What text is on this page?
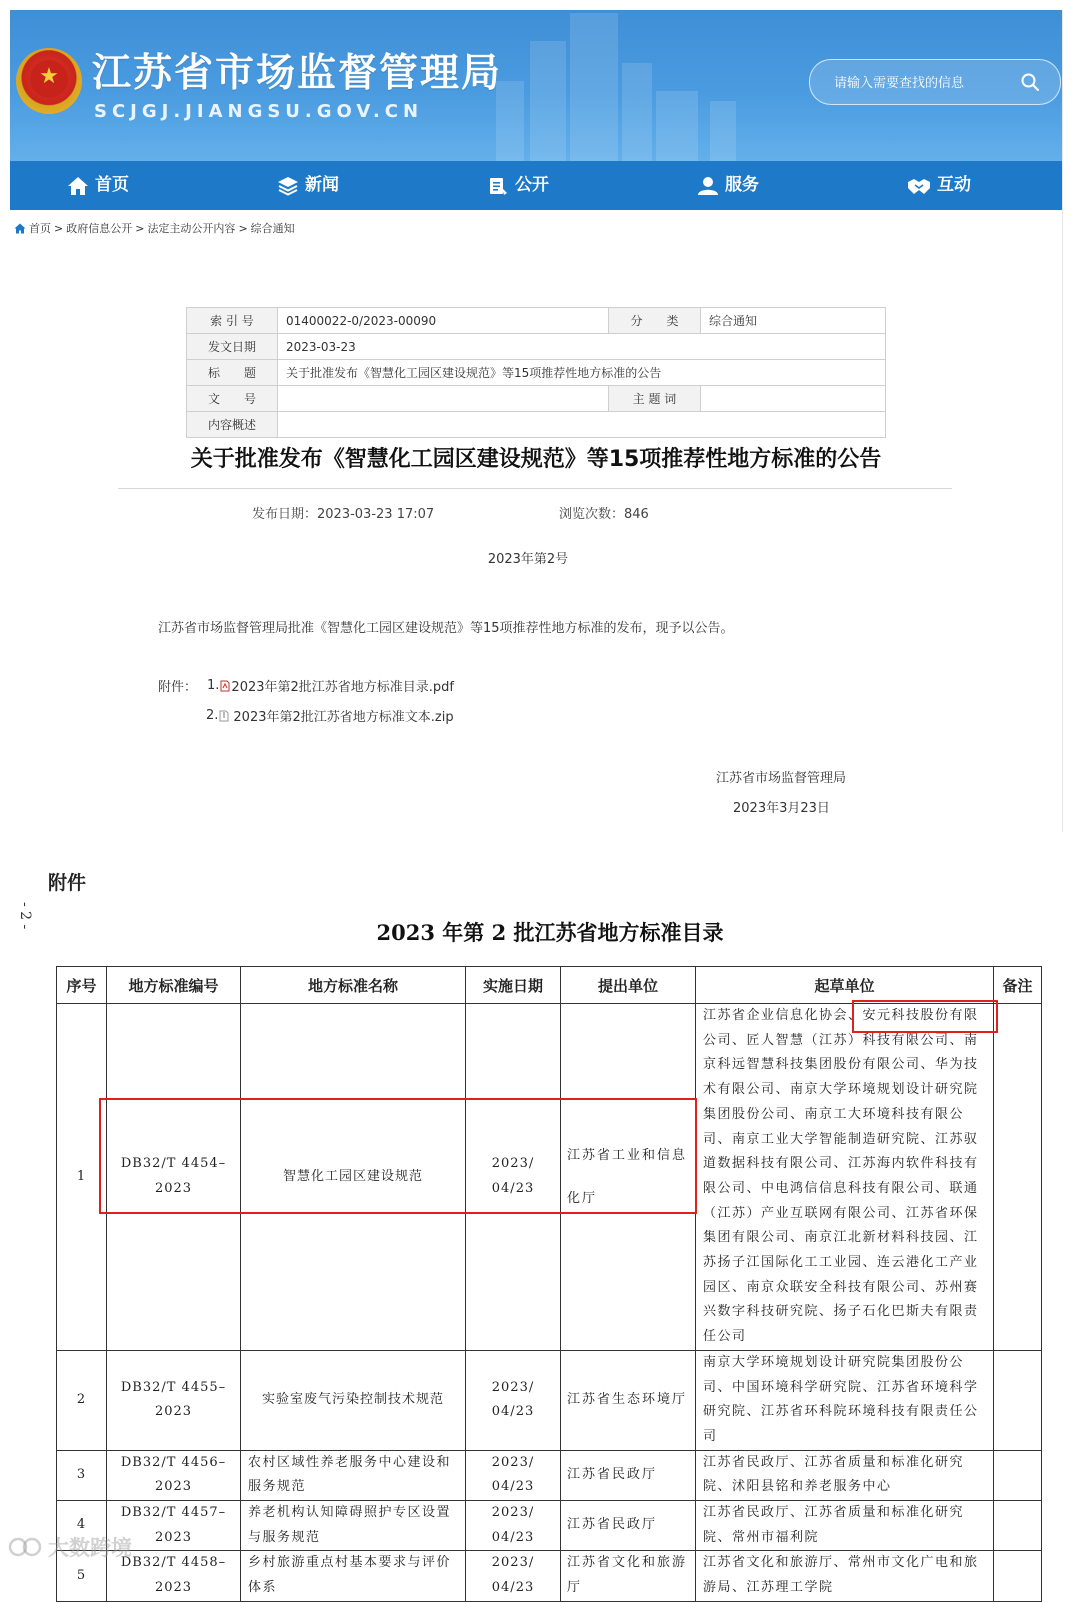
★ 江苏省市场监督管理局
SCJGJ.JIANGSU.GOV.CN
请输入需要查找的信息
首页	新闻	公开	服务	互动
首页 > 政府信息公开 > 法定主动公开内容 > 综合通知
索 引 号	01400022-0/2023-00090	分　　类	综合通知
发文日期	2023-03-23		
标　　题	关于批准发布《智慧化工园区建设规范》等15项推荐性地方标准的公告		
文　　号		主 题 词	
内容概述			
关于批准发布《智慧化工园区建设规范》等15项推荐性地方标准的公告
发布日期：2023-03-23 17:07	浏览次数：846
2023年第2号
江苏省市场监督管理局批准《智慧化工园区建设规范》等15项推荐性地方标准的发布，现予以公告。
附件： 1. 2023年第2批江苏省地方标准目录.pdf
2. 2023年第2批江苏省地方标准文本.zip
江苏省市场监督管理局
2023年3月23日
附件
- 2 -
2023 年第 2 批江苏省地方标准目录
序号	地方标准编号	地方标准名称	实施日期	提出单位	起草单位	备注
1	DB32/T 4454–2023	智慧化工园区建设规范	2023/ 04/23	江苏省工业和信息化厅	江苏省企业信息化协会、安元科技股份有限公司、匠人智慧（江苏）科技有限公司、南京科远智慧科技集团股份有限公司、华为技术有限公司、南京大学环境规划设计研究院集团股份公司、南京工大环境科技有限公司、南京工业大学智能制造研究院、江苏驭道数据科技有限公司、江苏海内软件科技有限公司、中电鸿信信息科技有限公司、联通（江苏）产业互联网有限公司、江苏省环保集团有限公司、南京江北新材料科技园、江苏扬子江国际化工工业园、连云港化工产业园区、南京众联安全科技有限公司、苏州赛兴数字科技研究院、扬子石化巴斯夫有限责任公司	
2	DB32/T 4455–2023	实验室废气污染控制技术规范	2023/ 04/23	江苏省生态环境厅	南京大学环境规划设计研究院集团股份公司、中国环境科学研究院、江苏省环境科学研究院、江苏省环科院环境科技有限责任公司	
3	DB32/T 4456–2023	农村区域性养老服务中心建设和服务规范	2023/ 04/23	江苏省民政厅	江苏省民政厅、江苏省质量和标准化研究院、沭阳县铭和养老服务中心	
4	DB32/T 4457–2023	养老机构认知障碍照护专区设置与服务规范	2023/ 04/23	江苏省民政厅	江苏省民政厅、江苏省质量和标准化研究院、常州市福利院	
5	DB32/T 4458–2023	乡村旅游重点村基本要求与评价体系	2023/ 04/23	江苏省文化和旅游厅	江苏省文化和旅游厅、常州市文化广电和旅游局、江苏理工学院	
大数跨境
